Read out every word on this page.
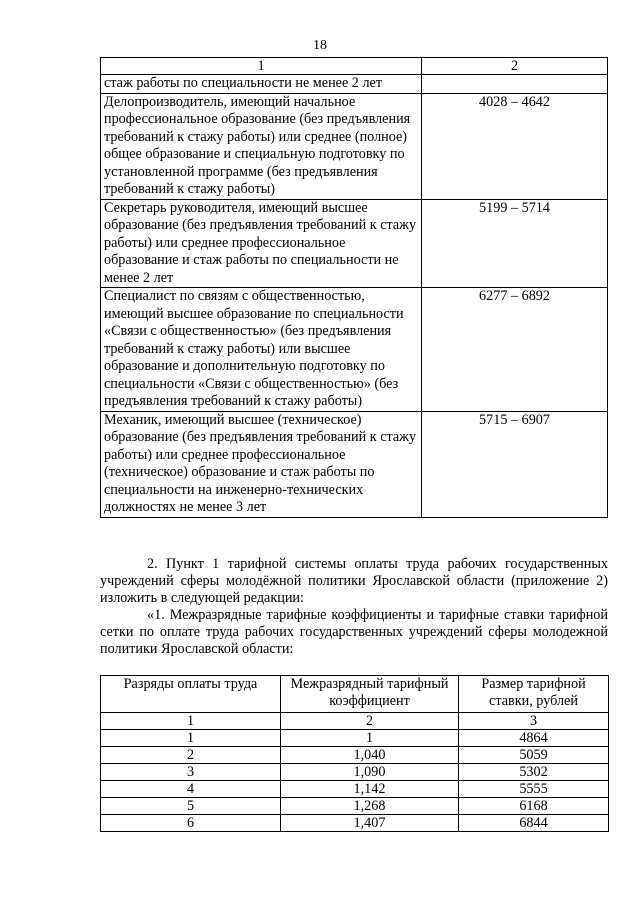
18
1	2
стаж работы по специальности не менее 2 лет	
Делопроизводитель, имеющий начальное профессиональное образование (без предъявления требований к стажу работы) или среднее (полное) общее образование и специальную подготовку по установленной программе (без предъявления требований к стажу работы)	4028 – 4642
Секретарь руководителя, имеющий высшее образование (без предъявления требований к стажу работы) или среднее профессиональное образование и стаж работы по специальности не менее 2 лет	5199 – 5714
Специалист по связям с общественностью, имеющий высшее образование по специальности «Связи с общественностью» (без предъявления требований к стажу работы) или высшее образование и дополнительную подготовку по специальности «Связи с общественностью» (без предъявления требований к стажу работы)	6277 – 6892
Механик, имеющий высшее (техническое) образование (без предъявления требований к стажу работы) или среднее профессиональное (техническое) образование и стаж работы по специальности на инженерно-технических должностях не менее 3 лет	5715 – 6907
2. Пункт 1 тарифной системы оплаты труда рабочих государственных учреждений сферы молодёжной политики Ярославской области (приложение 2) изложить в следующей редакции:
«1. Межразрядные тарифные коэффициенты и тарифные ставки тарифной сетки по оплате труда рабочих государственных учреждений сферы молодежной политики Ярославской области:
Разряды оплаты труда	Межразрядный тарифный коэффициент	Размер тарифной ставки, рублей
1	2	3
1	1	4864
2	1,040	5059
3	1,090	5302
4	1,142	5555
5	1,268	6168
6	1,407	6844
